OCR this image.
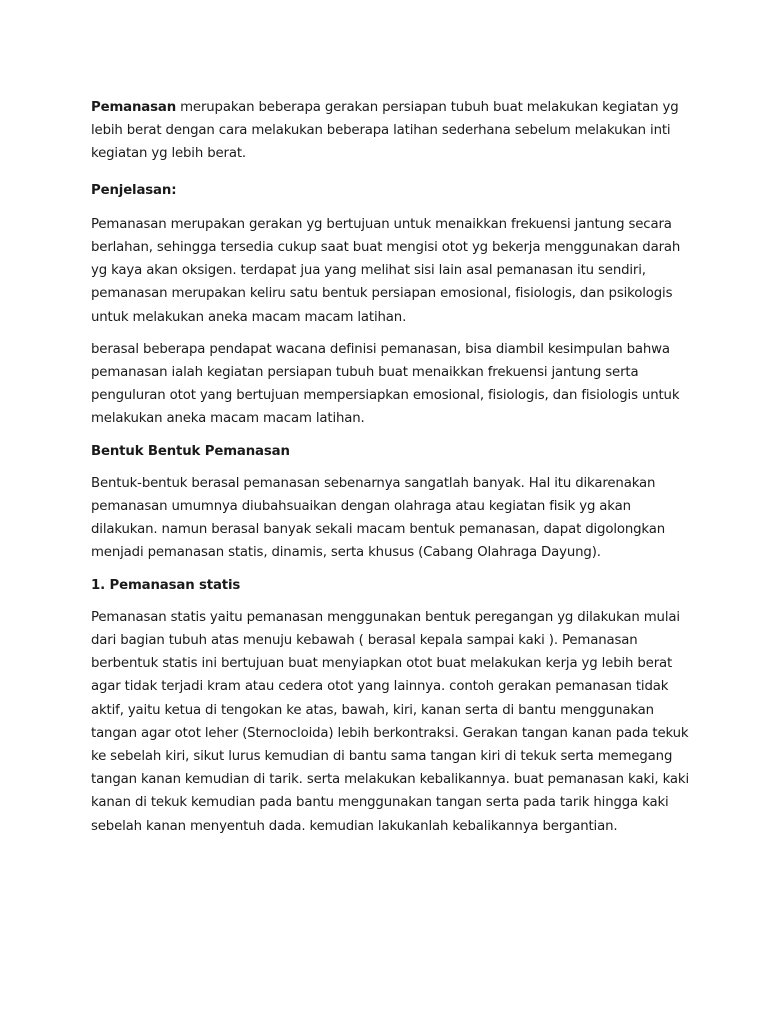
Pemanasan merupakan beberapa gerakan persiapan tubuh buat melakukan kegiatan yg lebih berat dengan cara melakukan beberapa latihan sederhana sebelum melakukan inti kegiatan yg lebih berat.

Penjelasan:

Pemanasan merupakan gerakan yg bertujuan untuk menaikkan frekuensi jantung secara berlahan, sehingga tersedia cukup saat buat mengisi otot yg bekerja menggunakan darah yg kaya akan oksigen. terdapat jua yang melihat sisi lain asal pemanasan itu sendiri, pemanasan merupakan keliru satu bentuk persiapan emosional, fisiologis, dan psikologis untuk melakukan aneka macam macam latihan.

berasal beberapa pendapat wacana definisi pemanasan, bisa diambil kesimpulan bahwa pemanasan ialah kegiatan persiapan tubuh buat menaikkan frekuensi jantung serta penguluran otot yang bertujuan mempersiapkan emosional, fisiologis, dan fisiologis untuk melakukan aneka macam macam latihan.

Bentuk Bentuk Pemanasan

Bentuk-bentuk berasal pemanasan sebenarnya sangatlah banyak. Hal itu dikarenakan pemanasan umumnya diubahsuaikan dengan olahraga atau kegiatan fisik yg akan dilakukan. namun berasal banyak sekali macam bentuk pemanasan, dapat digolongkan menjadi pemanasan statis, dinamis, serta khusus (Cabang Olahraga Dayung).

1. Pemanasan statis

Pemanasan statis yaitu pemanasan menggunakan bentuk peregangan yg dilakukan mulai dari bagian tubuh atas menuju kebawah ( berasal kepala sampai kaki ). Pemanasan berbentuk statis ini bertujuan buat menyiapkan otot buat melakukan kerja yg lebih berat agar tidak terjadi kram atau cedera otot yang lainnya. contoh gerakan pemanasan tidak aktif, yaitu ketua di tengokan ke atas, bawah, kiri, kanan serta di bantu menggunakan tangan agar otot leher (Sternocloida) lebih berkontraksi. Gerakan tangan kanan pada tekuk ke sebelah kiri, sikut lurus kemudian di bantu sama tangan kiri di tekuk serta memegang tangan kanan kemudian di tarik. serta melakukan kebalikannya. buat pemanasan kaki, kaki kanan di tekuk kemudian pada bantu menggunakan tangan serta pada tarik hingga kaki sebelah kanan menyentuh dada. kemudian lakukanlah kebalikannya bergantian.
